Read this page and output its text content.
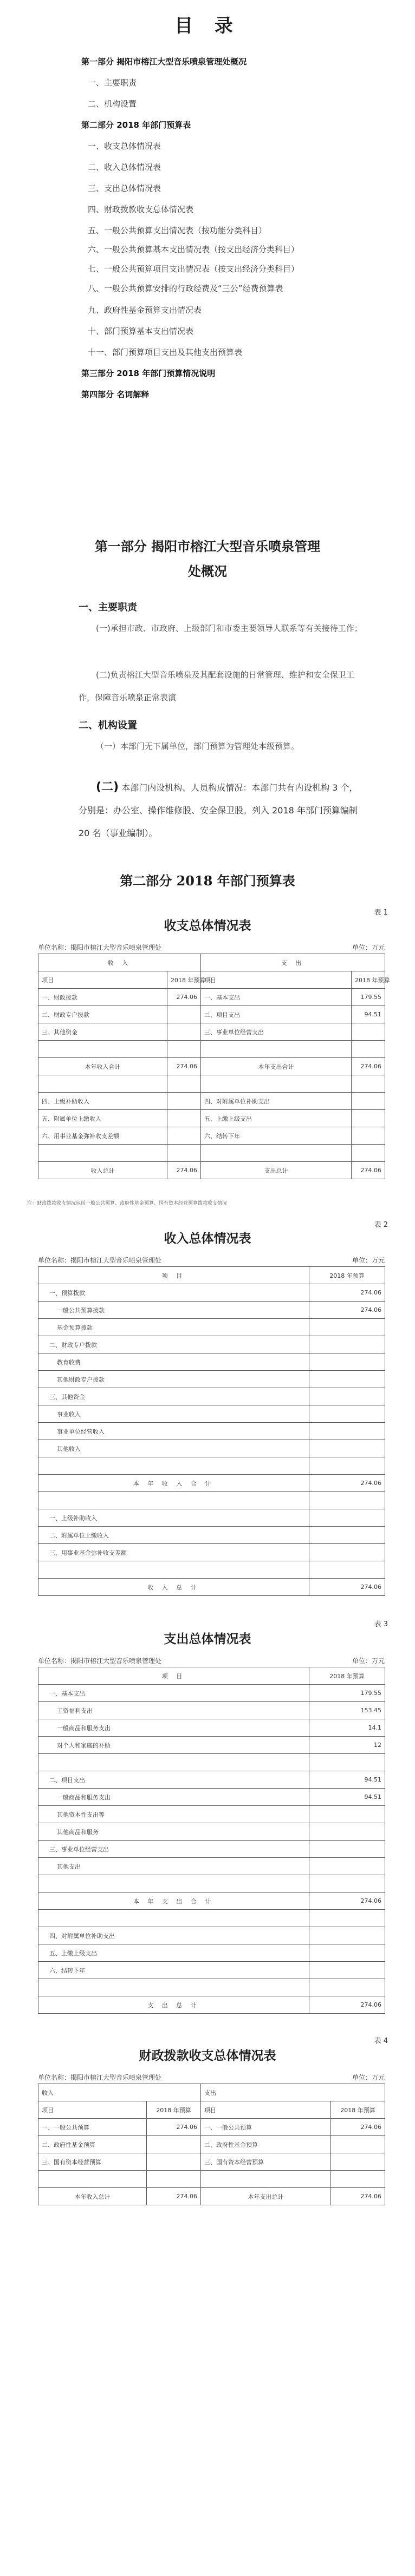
目 录
第一部分 揭阳市榕江大型音乐喷泉管理处概况
一、主要职责
二、机构设置
第二部分 2018 年部门预算表
一、收支总体情况表
二、收入总体情况表
三、支出总体情况表
四、财政拨款收支总体情况表
五、一般公共预算支出情况表（按功能分类科目）
六、一般公共预算基本支出情况表（按支出经济分类科目）
七、一般公共预算项目支出情况表（按支出经济分类科目）
八、一般公共预算安排的行政经费及“三公”经费预算表
九、政府性基金预算支出情况表
十、部门预算基本支出情况表
十一、部门预算项目支出及其他支出预算表
第三部分 2018 年部门预算情况说明
第四部分 名词解释
第一部分 揭阳市榕江大型音乐喷泉管理
处概况
一、主要职责
(一)承担市政、市政府、上级部门和市委主要领导人联系等有关接待工作；
(二)负责榕江大型音乐喷泉及其配套设施的日常管理、维护和安全保卫工作，保障音乐喷泉正常表演
二、机构设置
（一）本部门无下属单位，部门预算为管理处本级预算。
(二) 本部门内设机构、人员构成情况：本部门共有内设机构 3 个，分别是：办公室、操作维修股、安全保卫股。列入 2018 年部门预算编制 20 名（事业编制）。
第二部分 2018 年部门预算表
表 1
收支总体情况表
单位名称：揭阳市榕江大型音乐喷泉管理处	单位：万元
收 入		支 出	
项目	2018 年预算	项目	2018 年预算
一、财政拨款	274.06	一、基本支出	179.55
二、财政专户拨款		二、项目支出	94.51
三、其他资金		三、事业单位经营支出	

本年收入合计	274.06	本年支出合计	274.06

四、上级补助收入		四、对附属单位补助支出	
五、附属单位上缴收入		五、上缴上级支出	
六、用事业基金弥补收支差额		六、结转下年	

收入总计	274.06	支出总计	274.06
注：财政拨款收支情况包括一般公共预算、政府性基金预算、国有资本经营预算拨款收支情况
表 2
收入总体情况表
单位名称：揭阳市榕江大型音乐喷泉管理处	单位：万元
项 目	2018 年预算
一、预算拨款	274.06
一般公共预算拨款	274.06
基金预算拨款	
二、财政专户拨款	
教育收费	
其他财政专户拨款	
三、其他资金	
事业收入	
事业单位经营收入	
其他收入	

本 年 收 入 合 计	274.06

一、上级补助收入	
二、附属单位上缴收入	
三、用事业基金弥补收支差额	

收 入 总 计	274.06
表 3
支出总体情况表
单位名称：揭阳市榕江大型音乐喷泉管理处	单位：万元
项 目	2018 年预算
一、基本支出	179.55
工资福利支出	153.45
一般商品和服务支出	14.1
对个人和家庭的补助	12

二、项目支出	94.51
一般商品和服务支出	94.51
其他资本性支出等	
其他商品和服务	
三、事业单位经营支出	
其他支出	

本 年 支 出 合 计	274.06

四、对附属单位补助支出	
五、上缴上级支出	
六、结转下年	

支 出 总 计	274.06
表 4
财政拨款收支总体情况表
单位名称：揭阳市榕江大型音乐喷泉管理处	单位：万元
收入		支出	
项目	2018 年预算	项目	2018 年预算
一、一般公共预算	274.06	一、一般公共预算	274.06
二、政府性基金预算		二、政府性基金预算	
三、国有资本经营预算		三、国有资本经营预算	

本年收入总计	274.06	本年支出总计	274.06
